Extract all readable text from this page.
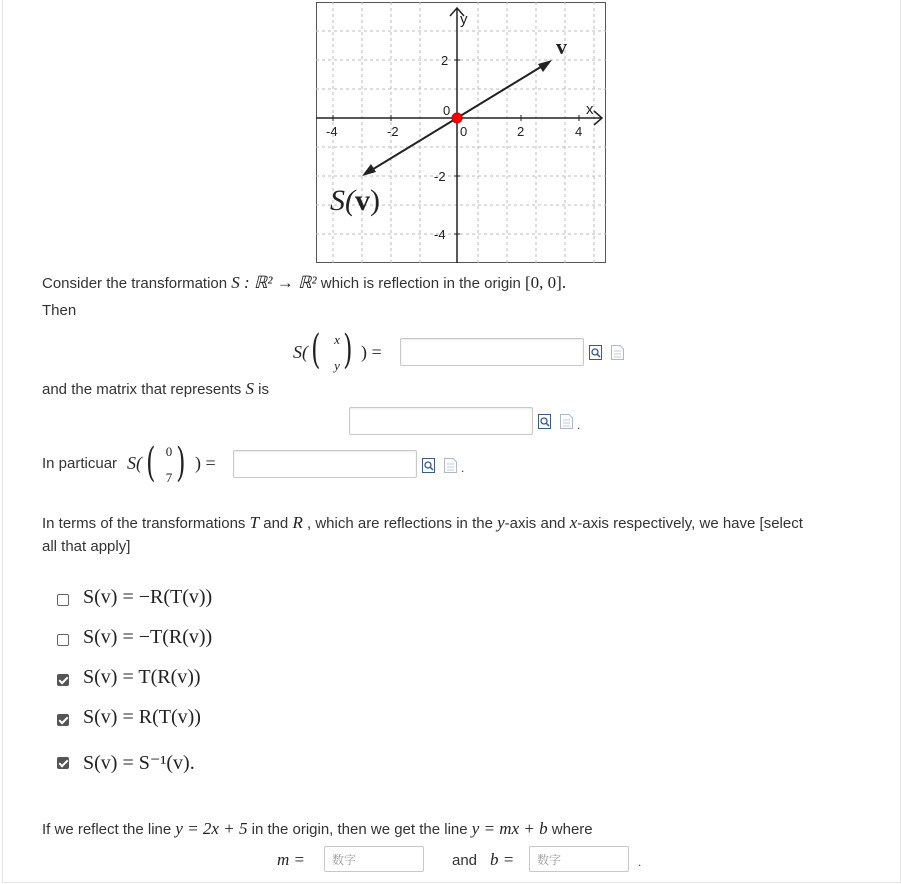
-4	-2	0	2	4
2
0
-2
-4
y
x
v
S(v)
Consider the transformation S : ℝ² → ℝ² which is reflection in the origin [0, 0].
Then
S( (	x
y ) ) =
and the matrix that represents S is
.
In particuar S( ( 0
7 ) ) =	.
In terms of the transformations T and R , which are reflections in the y-axis and x-axis respectively, we have [select
all that apply]
S(v) = −R(T(v))
S(v) = −T(R(v))
S(v) = T(R(v))
S(v) = R(T(v))
S(v) = S⁻¹(v).
If we reflect the line y = 2x + 5 in the origin, then we get the line y = mx + b where
m =	数字	and b =	数字	.
